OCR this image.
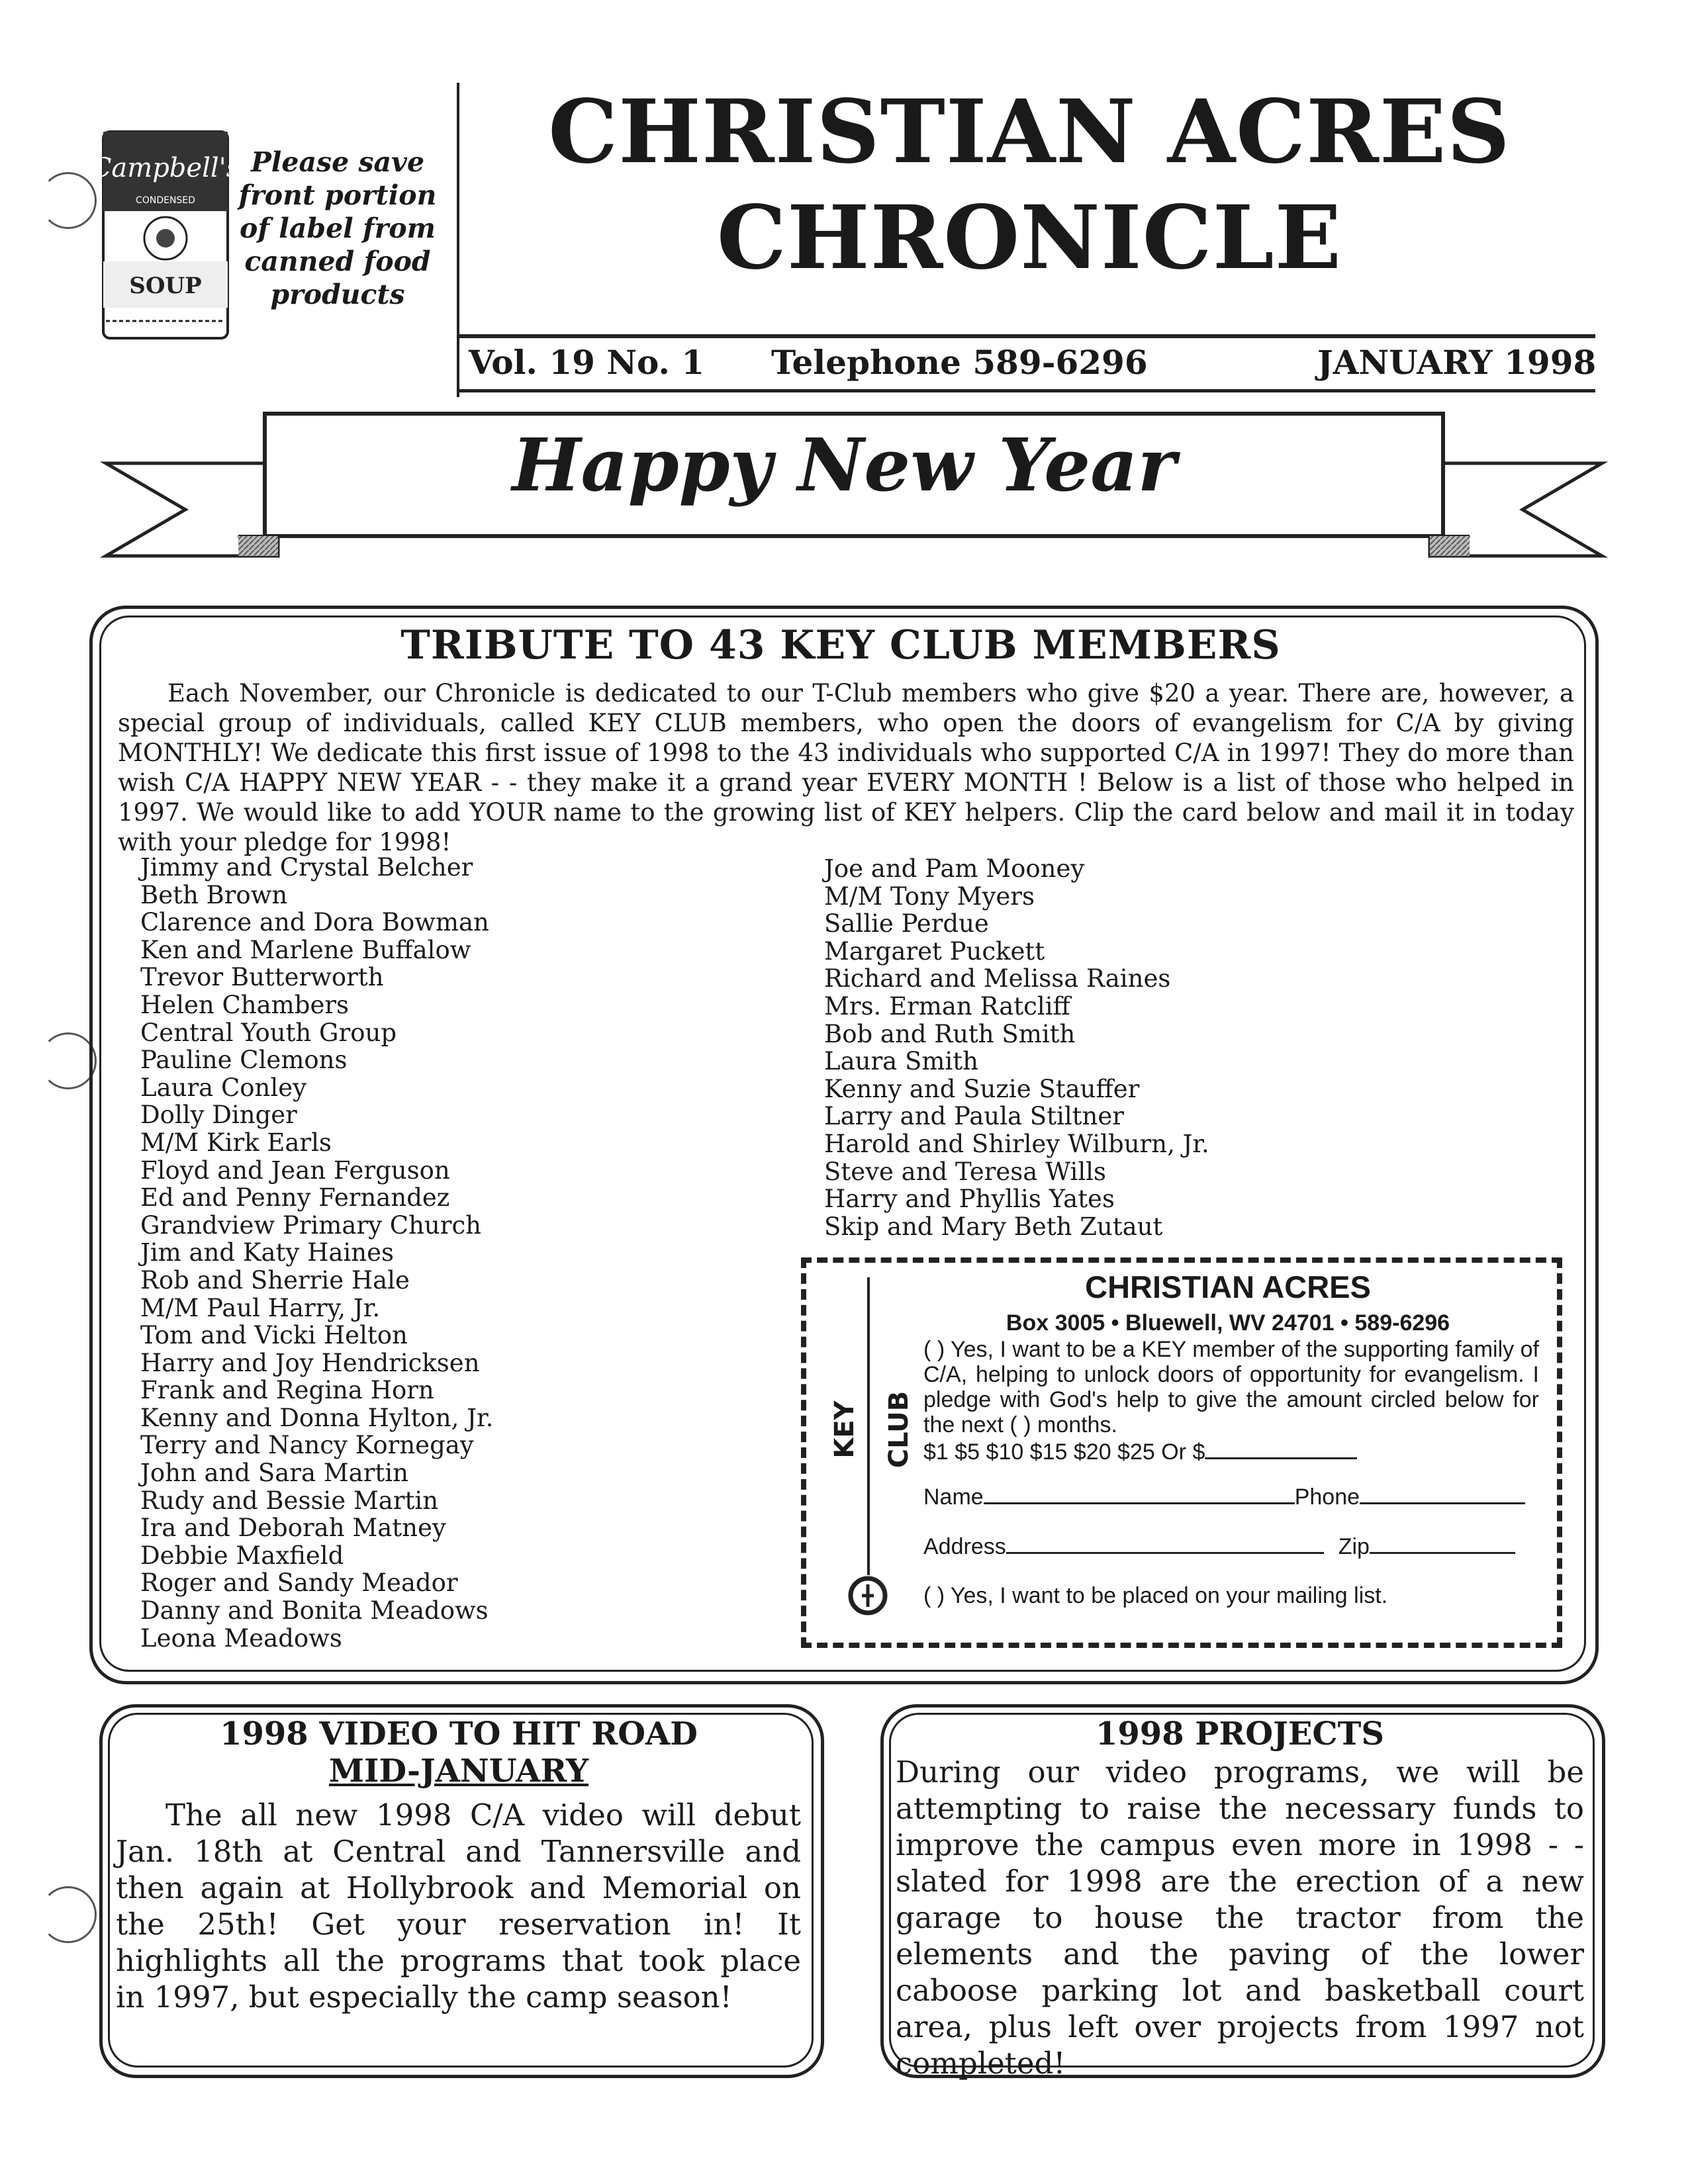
Campbell's
CONDENSED
SOUP
Please save
front portion
of label from
canned food
products
CHRISTIAN ACRES
CHRONICLE
Vol. 19 No. 1 Telephone 589-6296	JANUARY 1998
Happy New Year
TRIBUTE TO 43 KEY CLUB MEMBERS
Each November, our Chronicle is dedicated to our T-Club members who give $20 a year. There are, however, a special group of individuals, called KEY CLUB members, who open the doors of evangelism for C/A by giving MONTHLY! We dedicate this first issue of 1998 to the 43 individuals who supported C/A in 1997! They do more than wish C/A HAPPY NEW YEAR - - they make it a grand year EVERY MONTH ! Below is a list of those who helped in 1997. We would like to add YOUR name to the growing list of KEY helpers. Clip the card below and mail it in today with your pledge for 1998!
Jimmy and Crystal Belcher
Beth Brown
Clarence and Dora Bowman
Ken and Marlene Buffalow
Trevor Butterworth
Helen Chambers
Central Youth Group
Pauline Clemons
Laura Conley
Dolly Dinger
M/M Kirk Earls
Floyd and Jean Ferguson
Ed and Penny Fernandez
Grandview Primary Church
Jim and Katy Haines
Rob and Sherrie Hale
M/M Paul Harry, Jr.
Tom and Vicki Helton
Harry and Joy Hendricksen
Frank and Regina Horn
Kenny and Donna Hylton, Jr.
Terry and Nancy Kornegay
John and Sara Martin
Rudy and Bessie Martin
Ira and Deborah Matney
Debbie Maxfield
Roger and Sandy Meador
Danny and Bonita Meadows
Leona Meadows
Joe and Pam Mooney
M/M Tony Myers
Sallie Perdue
Margaret Puckett
Richard and Melissa Raines
Mrs. Erman Ratcliff
Bob and Ruth Smith
Laura Smith
Kenny and Suzie Stauffer
Larry and Paula Stiltner
Harold and Shirley Wilburn, Jr.
Steve and Teresa Wills
Harry and Phyllis Yates
Skip and Mary Beth Zutaut
KEY CLUB
CHRISTIAN ACRES
Box 3005 • Bluewell, WV 24701 • 589-6296
( ) Yes, I want to be a KEY member of the supporting family of C/A, helping to unlock doors of opportunity for evangelism. I pledge with God's help to give the amount circled below for the next ( ) months.
$1 $5 $10 $15 $20 $25 Or $
Name	Phone
Address	Zip
( ) Yes, I want to be placed on your mailing list.
1998 VIDEO TO HIT ROAD
MID-JANUARY
The all new 1998 C/A video will debut Jan. 18th at Central and Tannersville and then again at Hollybrook and Memorial on the 25th! Get your reservation in! It highlights all the programs that took place in 1997, but especially the camp season!
1998 PROJECTS
During our video programs, we will be attempting to raise the necessary funds to improve the campus even more in 1998 - - slated for 1998 are the erection of a new garage to house the tractor from the elements and the paving of the lower caboose parking lot and basketball court area, plus left over projects from 1997 not completed!
